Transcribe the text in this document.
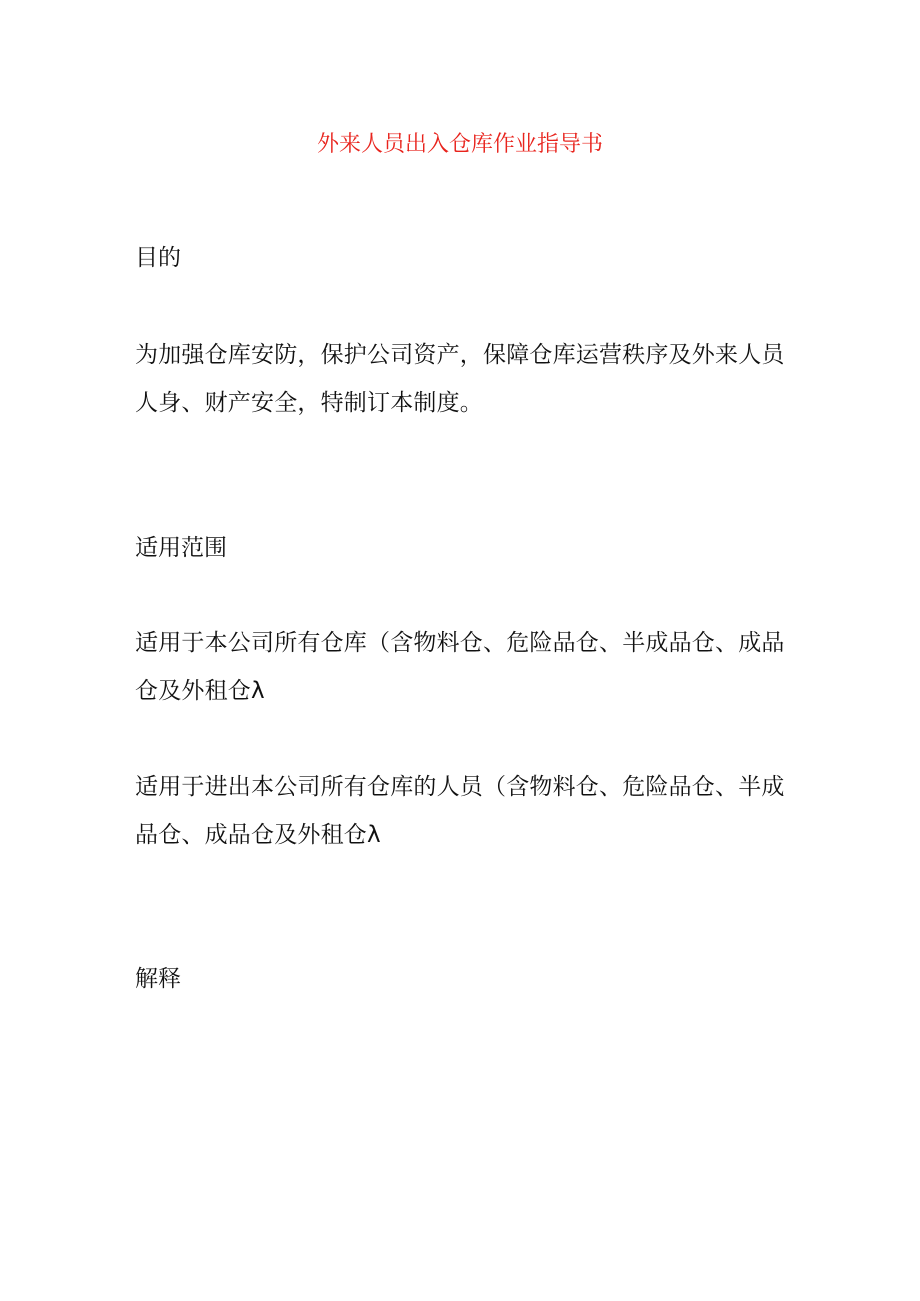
外来人员出入仓库作业指导书
目的
为加强仓库安防，保护公司资产，保障仓库运营秩序及外来人员
人身、财产安全，特制订本制度。
适用范围
适用于本公司所有仓库（含物料仓、危险品仓、半成品仓、成品
仓及外租仓λ
适用于进出本公司所有仓库的人员（含物料仓、危险品仓、半成
品仓、成品仓及外租仓λ
解释
